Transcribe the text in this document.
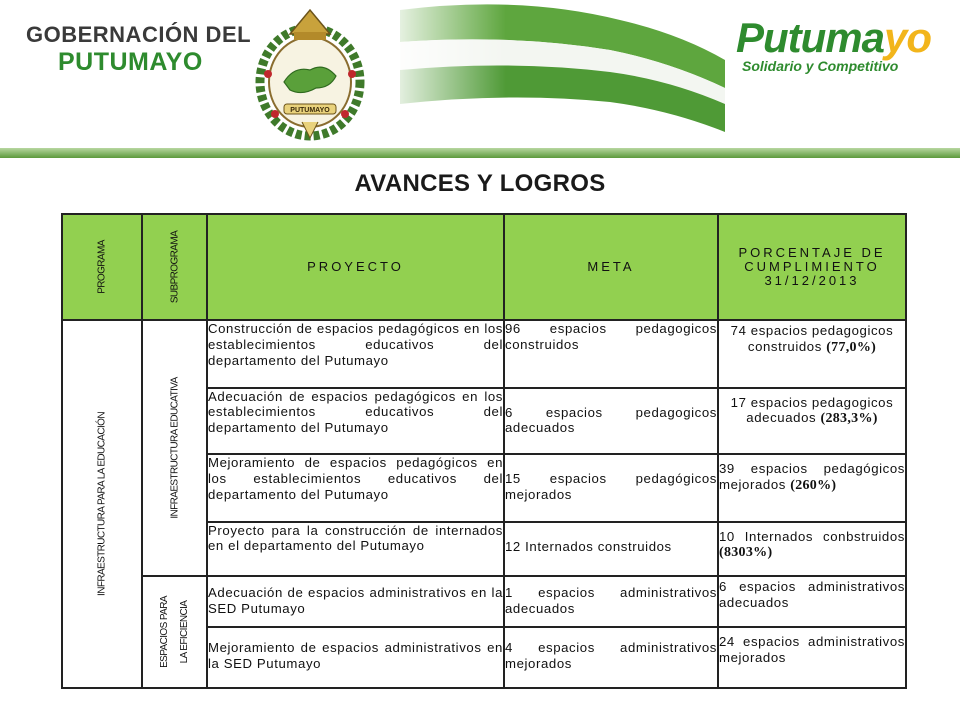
GOBERNACIÓN DEL
PUTUMAYO
PUTUMAYO
Putumayo
Solidario y Competitivo
AVANCES Y LOGROS
PROGRAMA	SUBPROGRAMA	PROYECTO	META	PORCENTAJE DE CUMPLIMIENTO 31/12/2013

INFRAESTRUCTURA PARA LA EDUCACIÓN	INFRAESTRUCTURA EDUCATIVA	Construcción de espacios pedagógicos en los establecimientos educativos del departamento del Putumayo	96 espacios pedagogicos construidos	74 espacios pedagogicos construidos (77,0%)

		Adecuación de espacios pedagógicos en los establecimientos educativos del departamento del Putumayo	6 espacios pedagogicos adecuados	17 espacios pedagogicos adecuados (283,3%)

		Mejoramiento de espacios pedagógicos en los establecimientos educativos del departamento del Putumayo	15 espacios pedagógicos mejorados	39 espacios pedagógicos mejorados (260%)
		Proyecto para la construcción de internados en el departamento del Putumayo	12 Internados construidos	10 Internados conbstruidos (8303%)

	ESPACIOS PARA LA EFICIENCIA	Adecuación de espacios administrativos en la SED Putumayo	1 espacios administrativos adecuados	6 espacios administrativos adecuados
		Mejoramiento de espacios administrativos en la SED Putumayo	4 espacios administrativos mejorados	24 espacios administrativos mejorados
